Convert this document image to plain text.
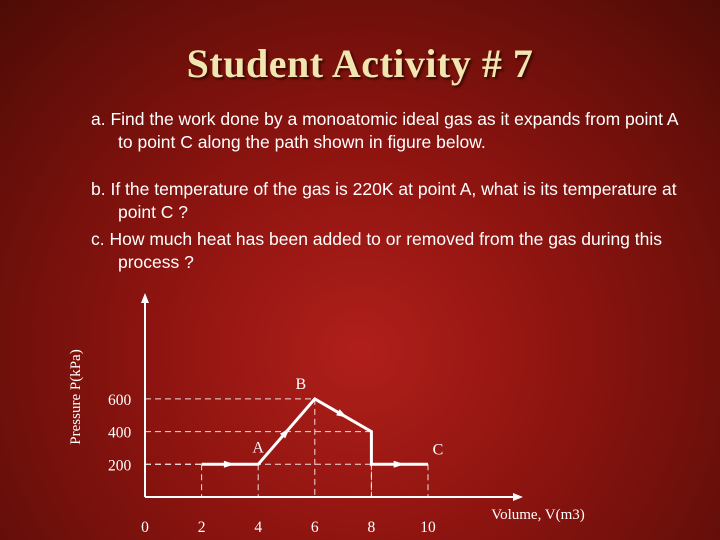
Student Activity # 7
a. Find the work done by a monoatomic ideal gas as it expands from point A to point C along the path shown in figure below.
b. If the temperature of the gas is 220K at point A, what is its temperature at point C ?
c. How much heat has been added to or removed from the gas during this process ?
200
400
600
0	2	4	6	8	10
A
B
C
Pressure P(kPa)
Volume, V(m3)
